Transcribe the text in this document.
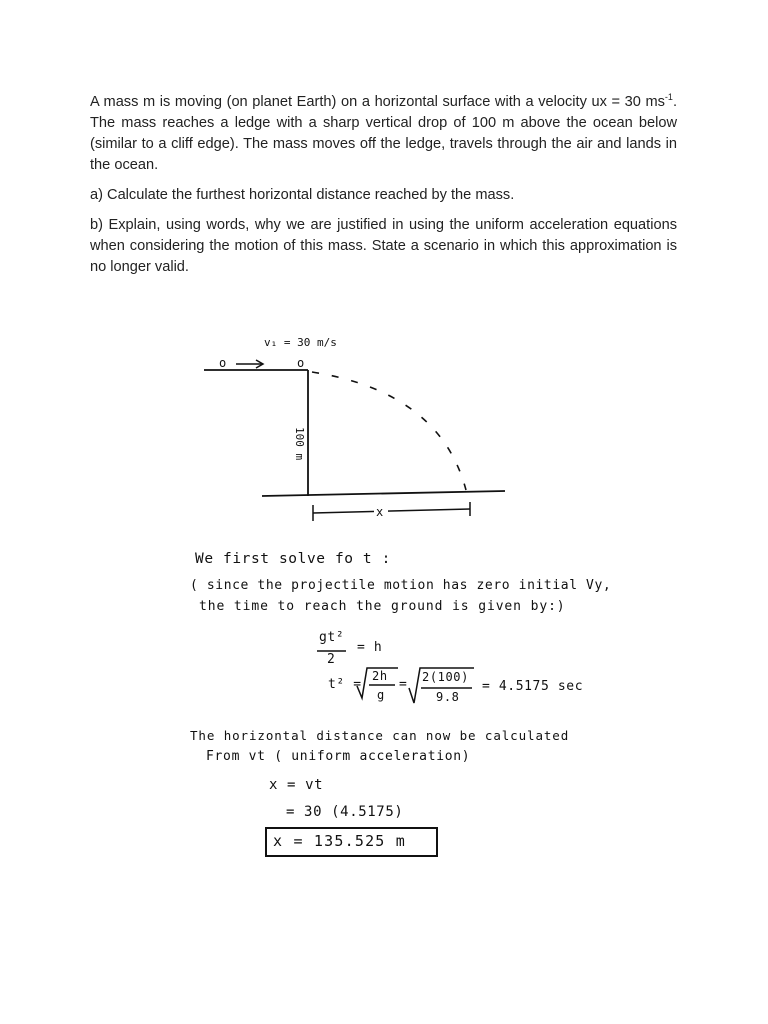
A mass m is moving (on planet Earth) on a horizontal surface with a velocity ux = 30 $ms^{-1}$. The mass reaches a ledge with a sharp vertical drop of 100 m above the ocean below (similar to a cliff edge). The mass moves off the ledge, travels through the air and lands in the ocean.

a) Calculate the furthest horizontal distance reached by the mass.

b) Explain, using words, why we are justified in using the uniform acceleration equations when considering the motion of this mass. State a scenario in which this approximation is no longer valid.

o	o
v₁ = 30 m/s
100 m
x
We first solve fo t :
( since the projectile motion has zero initial Vy,
the time to reach the ground is given by:)
gt²
2
= h
t² =
2h
g
= 2(100)
9.8
= 4.5175 sec
The horizontal distance can now be calculated
From vt ( uniform acceleration)
x = vt
= 30 (4.5175)
x = 135.525 m
